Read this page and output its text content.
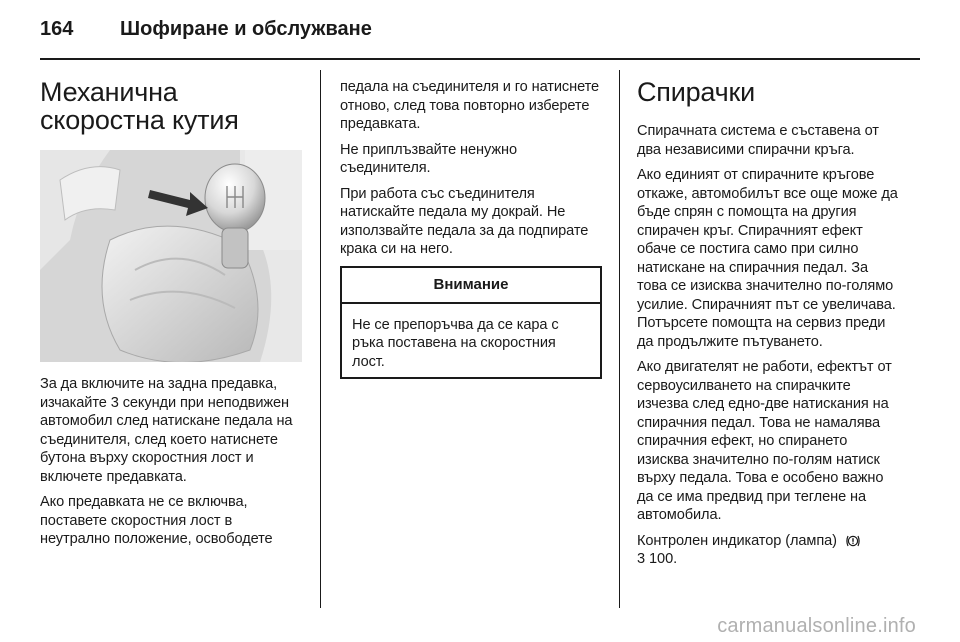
164	Шофиране и обслужване
Механична скоростна кутия

За да включите на задна предавка, изчакайте 3 секунди при неподвижен автомобил след натискане педала на съединителя, след което натиснете бутона върху скоростния лост и включете предавката.

Ако предавката не се включва, поставете скоростния лост в неутрално положение, освободете

педала на съединителя и го натиснете отново, след това повторно изберете предавката.

Не приплъзвайте ненужно съединителя.

При работа със съединителя натискайте педала му докрай. Не използвайте педала за да подпирате крака си на него.

Внимание

Не се препоръчва да се кара с ръка поставена на скоростния лост.

Спирачки

Спирачната система е съставена от два независими спирачни кръга.

Ако единият от спирачните кръгове откаже, автомобилът все още може да бъде спрян с помощта на другия спирачен кръг. Спирачният ефект обаче се постига само при силно натискане на спирачния педал. За това се изисква значително по-голямо усилие. Спирачният път се увеличава. Потърсете помощта на сервиз преди да продължите пътуването.

Ако двигателят не работи, ефектът от сервоусилването на спирачките изчезва след едно-две натискания на спирачния педал. Това не намалява спирачния ефект, но спирането изисква значително по-голям натиск върху педала. Това е особено важно да се има предвид при теглене на автомобила.

Контролен индикатор (лампа)

3 100.

carmanualsonline.info
